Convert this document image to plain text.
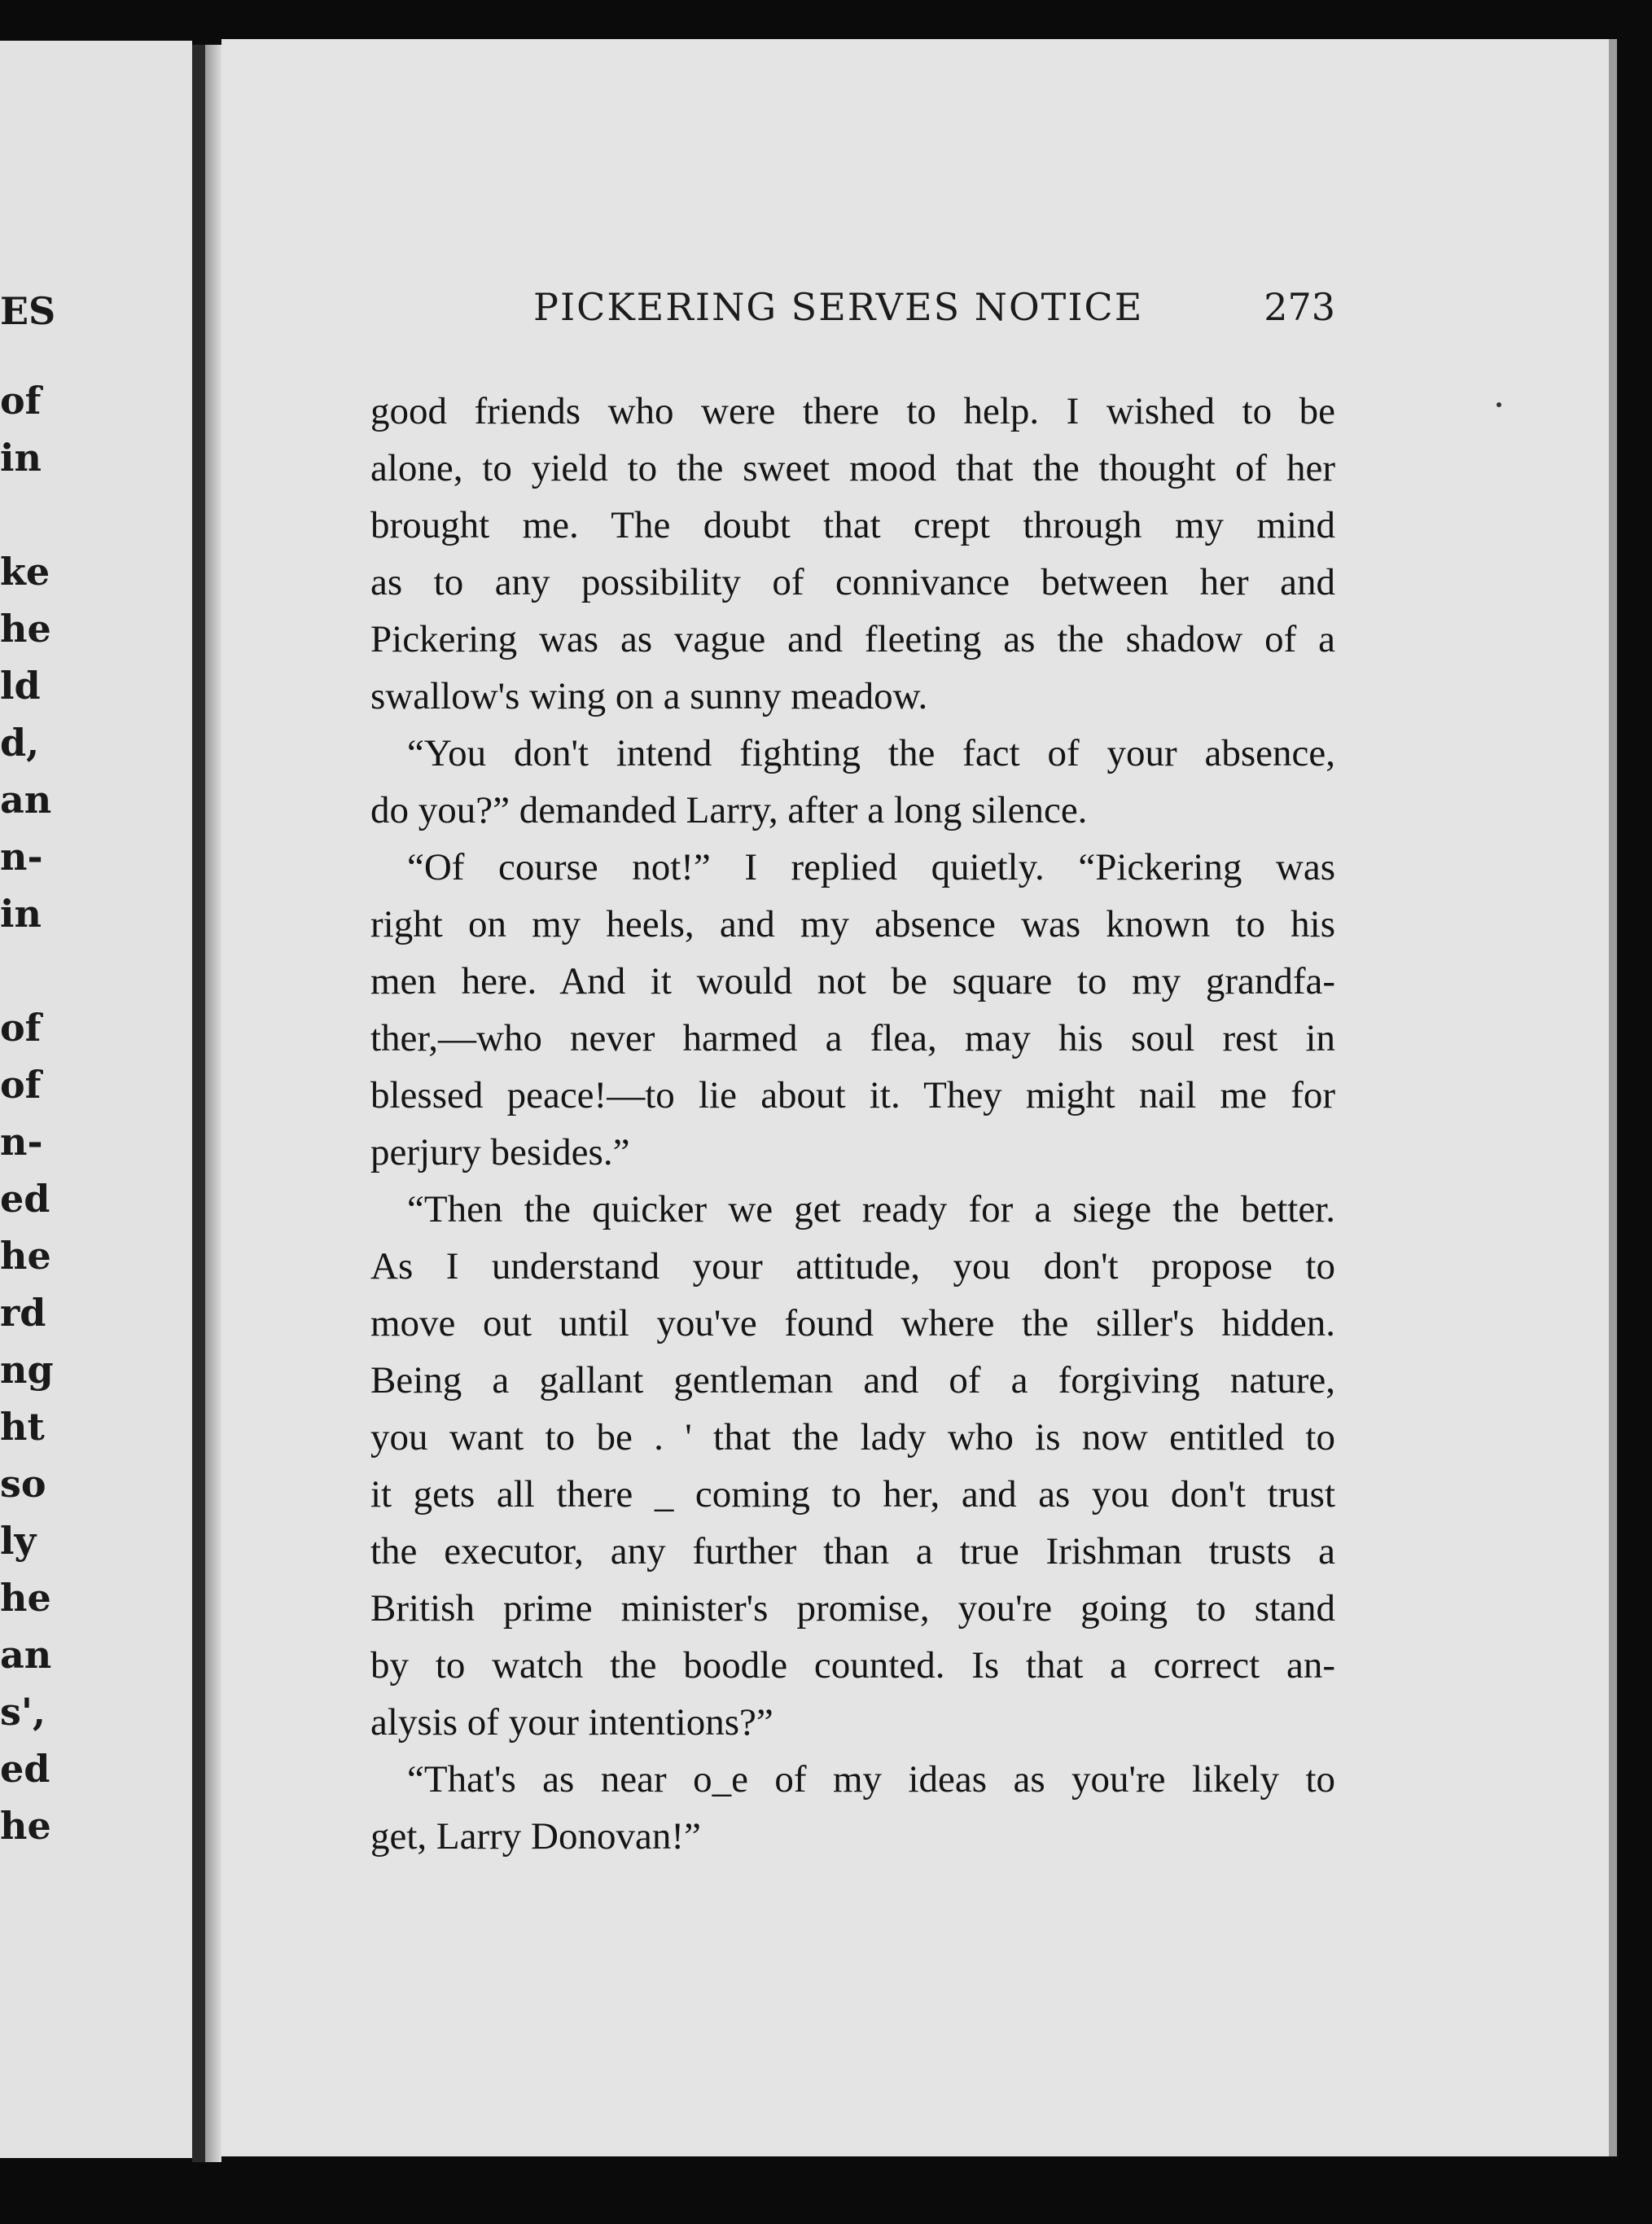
ES
of
in
ke
he
ld
d,
an
n-
in
of
of
n-
ed
he
rd
ng
ht
so
ly
he
an
s',
ed
he
PICKERING SERVES NOTICE	273
good friends who were there to help. I wished to be
alone, to yield to the sweet mood that the thought of her
brought me. The doubt that crept through my mind
as to any possibility of connivance between her and
Pickering was as vague and fleeting as the shadow of a
swallow's wing on a sunny meadow.
“You don't intend fighting the fact of your absence,
do you?” demanded Larry, after a long silence.
“Of course not!” I replied quietly. “Pickering was
right on my heels, and my absence was known to his
men here. And it would not be square to my grandfa-
ther,—who never harmed a flea, may his soul rest in
blessed peace!—to lie about it. They might nail me for
perjury besides.”
“Then the quicker we get ready for a siege the better.
As I understand your attitude, you don't propose to
move out until you've found where the siller's hidden.
Being a gallant gentleman and of a forgiving nature,
you want to be . ' that the lady who is now entitled to
it gets all there _ coming to her, and as you don't trust
the executor, any further than a true Irishman trusts a
British prime minister's promise, you're going to stand
by to watch the boodle counted. Is that a correct an-
alysis of your intentions?”
“That's as near o_e of my ideas as you're likely to
get, Larry Donovan!”
